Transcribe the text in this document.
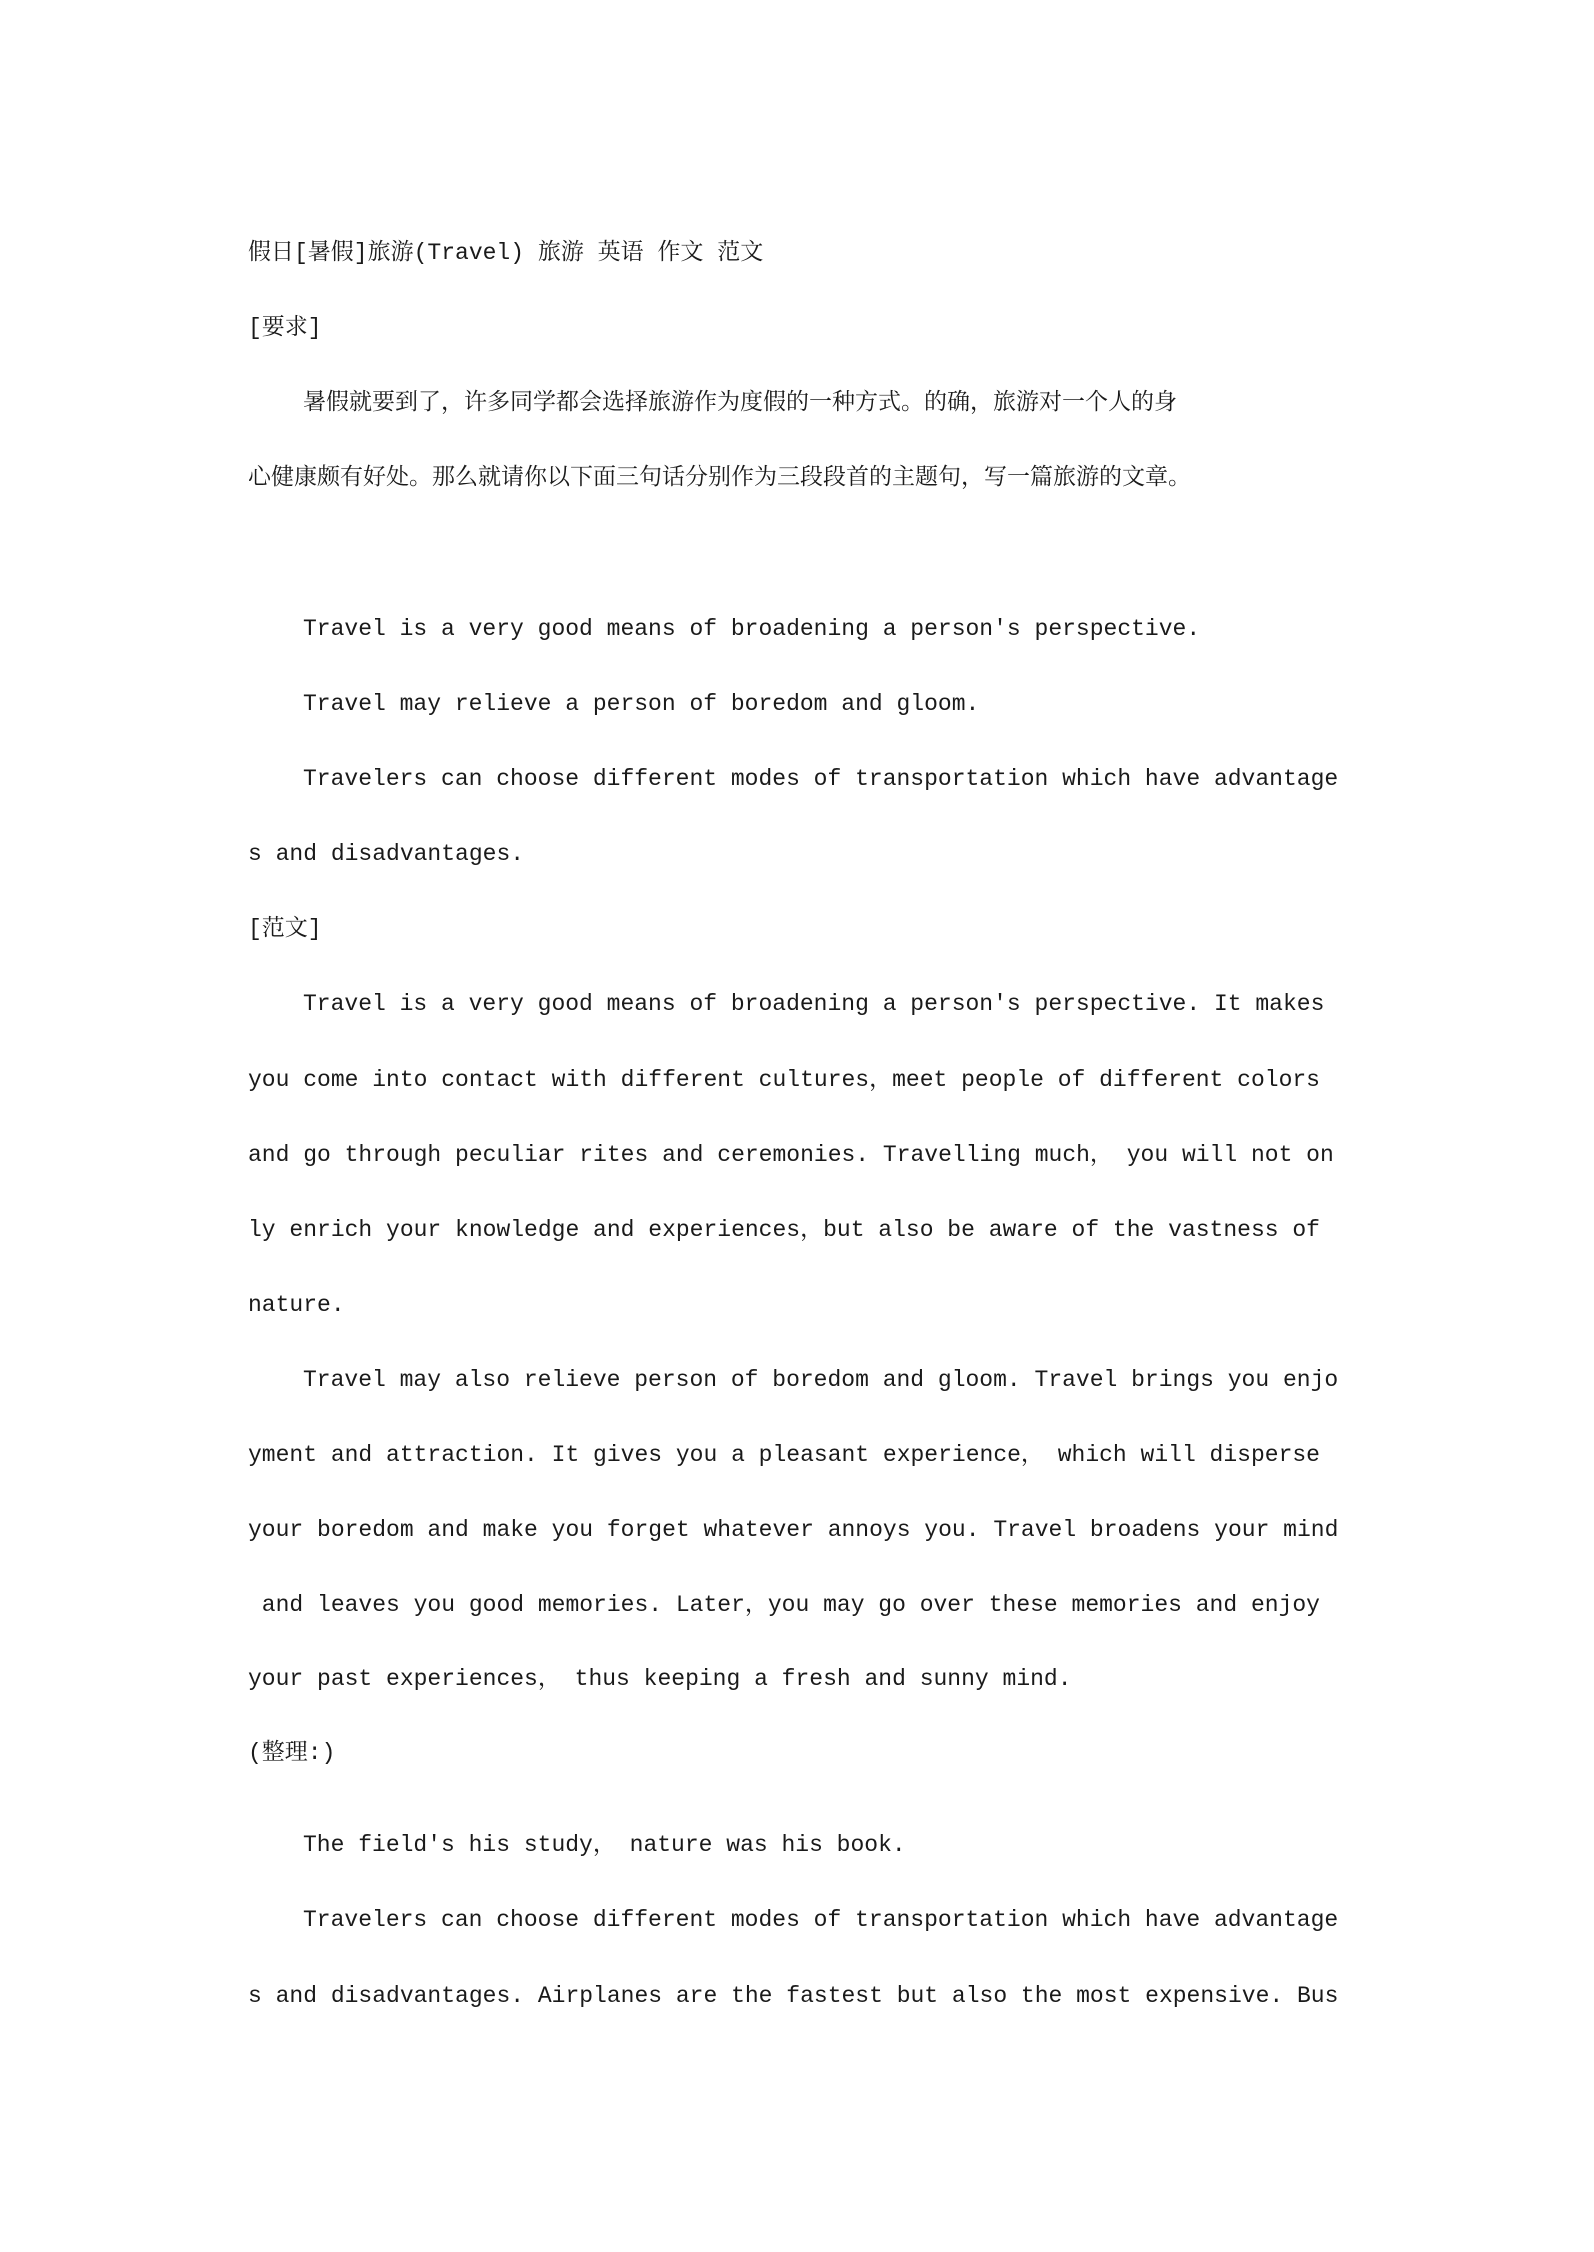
假日[暑假]旅游(Travel) 旅游 英语 作文 范文
[要求]
暑假就要到了，许多同学都会选择旅游作为度假的一种方式。的确，旅游对一个人的身
心健康颇有好处。那么就请你以下面三句话分别作为三段段首的主题句，写一篇旅游的文章。
Travel is a very good means of broadening a person's perspective.
Travel may relieve a person of boredom and gloom.
Travelers can choose different modes of transportation which have advantage
s and disadvantages.
[范文]
Travel is a very good means of broadening a person's perspective. It makes
you come into contact with different cultures，meet people of different colors
and go through peculiar rites and ceremonies. Travelling much， you will not on
ly enrich your knowledge and experiences，but also be aware of the vastness of
nature.
Travel may also relieve person of boredom and gloom. Travel brings you enjo
yment and attraction. It gives you a pleasant experience， which will disperse
your boredom and make you forget whatever annoys you. Travel broadens your mind
and leaves you good memories. Later，you may go over these memories and enjoy
your past experiences， thus keeping a fresh and sunny mind.
(整理:)
The field's his study， nature was his book.
Travelers can choose different modes of transportation which have advantage
s and disadvantages. Airplanes are the fastest but also the most expensive. Bus
